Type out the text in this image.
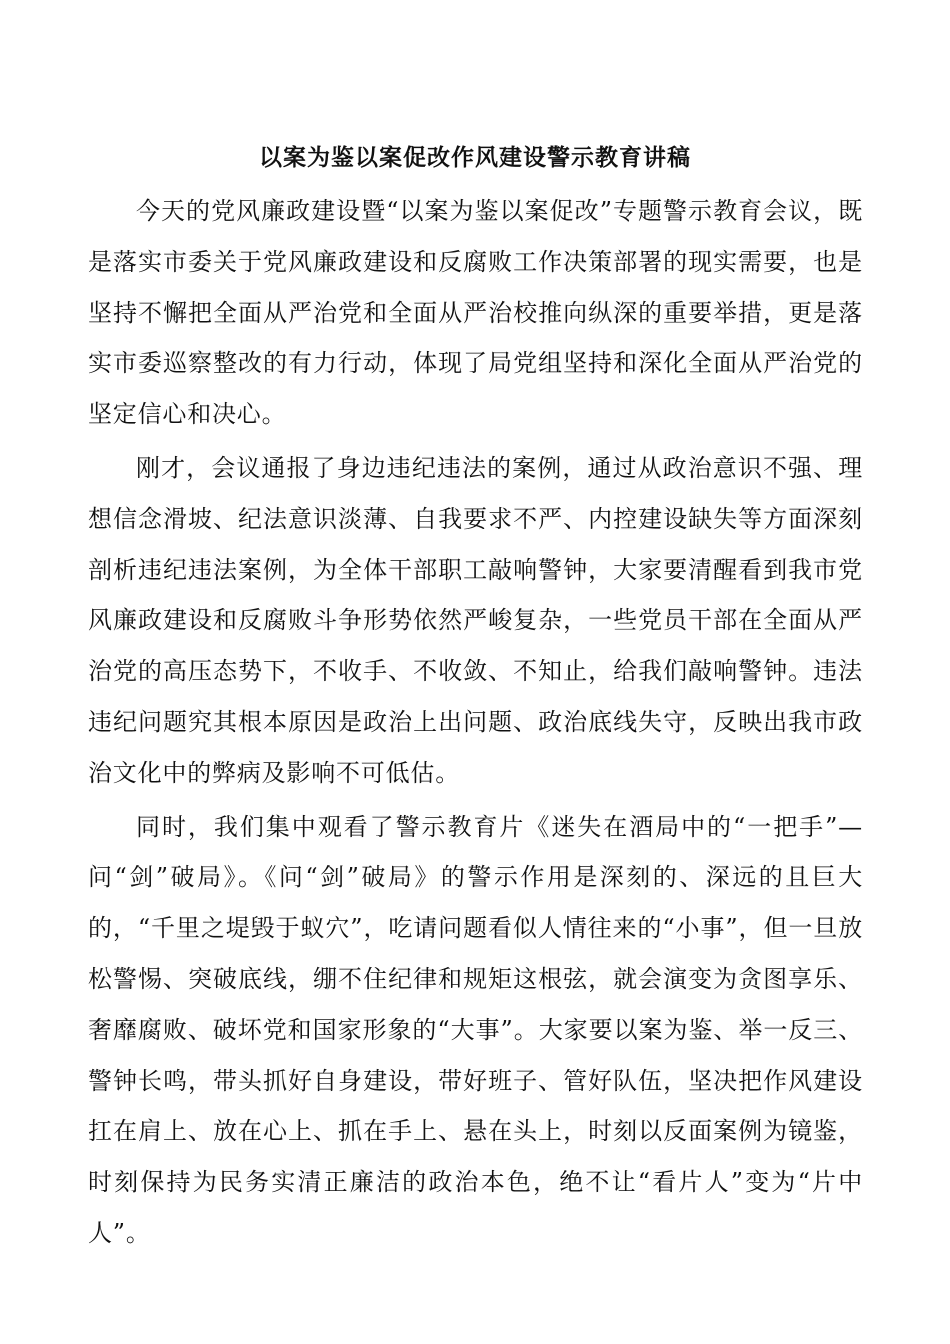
以案为鉴以案促改作风建设警示教育讲稿

今天的党风廉政建设暨“以案为鉴以案促改”专题警示教育会议，既是落实市委关于党风廉政建设和反腐败工作决策部署的现实需要，也是坚持不懈把全面从严治党和全面从严治校推向纵深的重要举措，更是落实市委巡察整改的有力行动，体现了局党组坚持和深化全面从严治党的坚定信心和决心。

刚才，会议通报了身边违纪违法的案例，通过从政治意识不强、理想信念滑坡、纪法意识淡薄、自我要求不严、内控建设缺失等方面深刻剖析违纪违法案例，为全体干部职工敲响警钟，大家要清醒看到我市党风廉政建设和反腐败斗争形势依然严峻复杂，一些党员干部在全面从严治党的高压态势下，不收手、不收敛、不知止，给我们敲响警钟。违法违纪问题究其根本原因是政治上出问题、政治底线失守，反映出我市政治文化中的弊病及影响不可低估。

同时，我们集中观看了警示教育片《迷失在酒局中的“一把手”—问“剑”破局》。《问“剑”破局》的警示作用是深刻的、深远的且巨大的，“千里之堤毁于蚁穴”，吃请问题看似人情往来的“小事”，但一旦放松警惕、突破底线，绷不住纪律和规矩这根弦，就会演变为贪图享乐、奢靡腐败、破坏党和国家形象的“大事”。大家要以案为鉴、举一反三、警钟长鸣，带头抓好自身建设，带好班子、管好队伍，坚决把作风建设扛在肩上、放在心上、抓在手上、悬在头上，时刻以反面案例为镜鉴，时刻保持为民务实清正廉洁的政治本色，绝不让“看片人”变为“片中人”。
